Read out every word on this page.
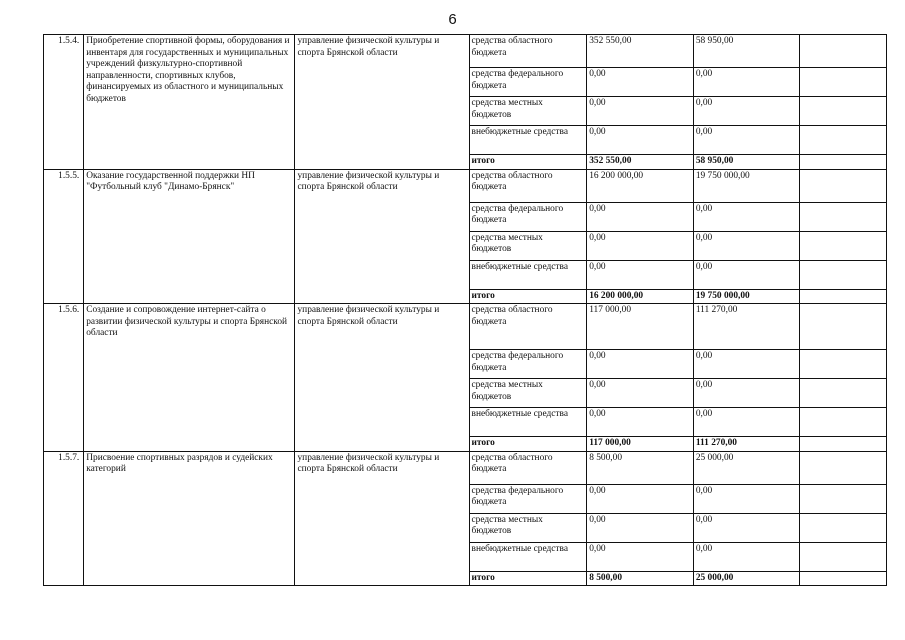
6
1.5.4.	Приобретение спортивной формы, оборудования и инвентаря для государственных и муниципальных учреждений физкультурно-спортивной направленности, спортивных клубов, финансируемых из областного и муниципальных бюджетов	управление физической культуры и спорта Брянской области	средства областного бюджета	352 550,00	58 950,00	
			средства федерального бюджета	0,00	0,00	
			средства местных бюджетов	0,00	0,00	
			внебюджетные средства	0,00	0,00	
			итого	352 550,00	58 950,00	
1.5.5.	Оказание государственной поддержки НП "Футбольный клуб "Динамо-Брянск"	управление физической культуры и спорта Брянской области	средства областного бюджета	16 200 000,00	19 750 000,00	
			средства федерального бюджета	0,00	0,00	
			средства местных бюджетов	0,00	0,00	
			внебюджетные средства	0,00	0,00	
			итого	16 200 000,00	19 750 000,00	
1.5.6.	Создание и сопровождение интернет-сайта о развитии физической культуры и спорта Брянской области	управление физической культуры и спорта Брянской области	средства областного бюджета	117 000,00	111 270,00	
			средства федерального бюджета	0,00	0,00	
			средства местных бюджетов	0,00	0,00	
			внебюджетные средства	0,00	0,00	
			итого	117 000,00	111 270,00	
1.5.7.	Присвоение спортивных разрядов и судейских категорий	управление физической культуры и спорта Брянской области	средства областного бюджета	8 500,00	25 000,00	
			средства федерального бюджета	0,00	0,00	
			средства местных бюджетов	0,00	0,00	
			внебюджетные средства	0,00	0,00	
			итого	8 500,00	25 000,00	
